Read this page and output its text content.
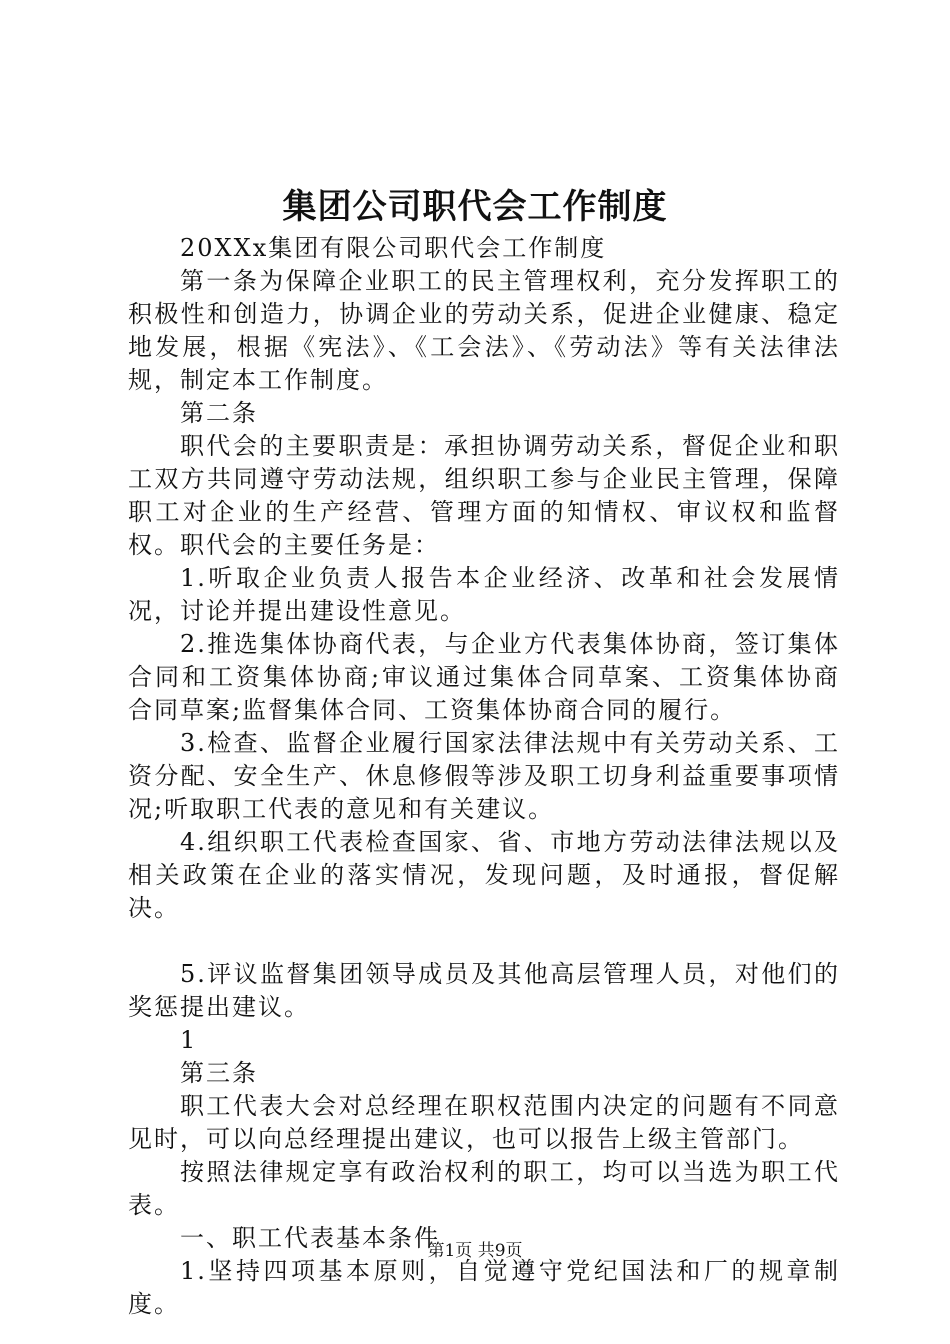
集团公司职代会工作制度

20XXx集团有限公司职代会工作制度

第一条为保障企业职工的民主管理权利，充分发挥职工的积极性和创造力，协调企业的劳动关系，促进企业健康、稳定地发展，根据《宪法》、《工会法》、《劳动法》等有关法律法规，制定本工作制度。

第二条

职代会的主要职责是：承担协调劳动关系，督促企业和职工双方共同遵守劳动法规，组织职工参与企业民主管理，保障职工对企业的生产经营、管理方面的知情权、审议权和监督权。职代会的主要任务是：

1.听取企业负责人报告本企业经济、改革和社会发展情况，讨论并提出建设性意见。

2.推选集体协商代表，与企业方代表集体协商，签订集体合同和工资集体协商;审议通过集体合同草案、工资集体协商合同草案;监督集体合同、工资集体协商合同的履行。

3.检查、监督企业履行国家法律法规中有关劳动关系、工资分配、安全生产、休息修假等涉及职工切身利益重要事项情况;听取职工代表的意见和有关建议。

4.组织职工代表检查国家、省、市地方劳动法律法规以及相关政策在企业的落实情况，发现问题，及时通报，督促解决。

5.评议监督集团领导成员及其他高层管理人员，对他们的奖惩提出建议。

1

第三条

职工代表大会对总经理在职权范围内决定的问题有不同意见时，可以向总经理提出建议，也可以报告上级主管部门。

按照法律规定享有政治权利的职工，均可以当选为职工代表。

一、职工代表基本条件

1.坚持四项基本原则，自觉遵守党纪国法和厂的规章制度。

第1页 共9页
